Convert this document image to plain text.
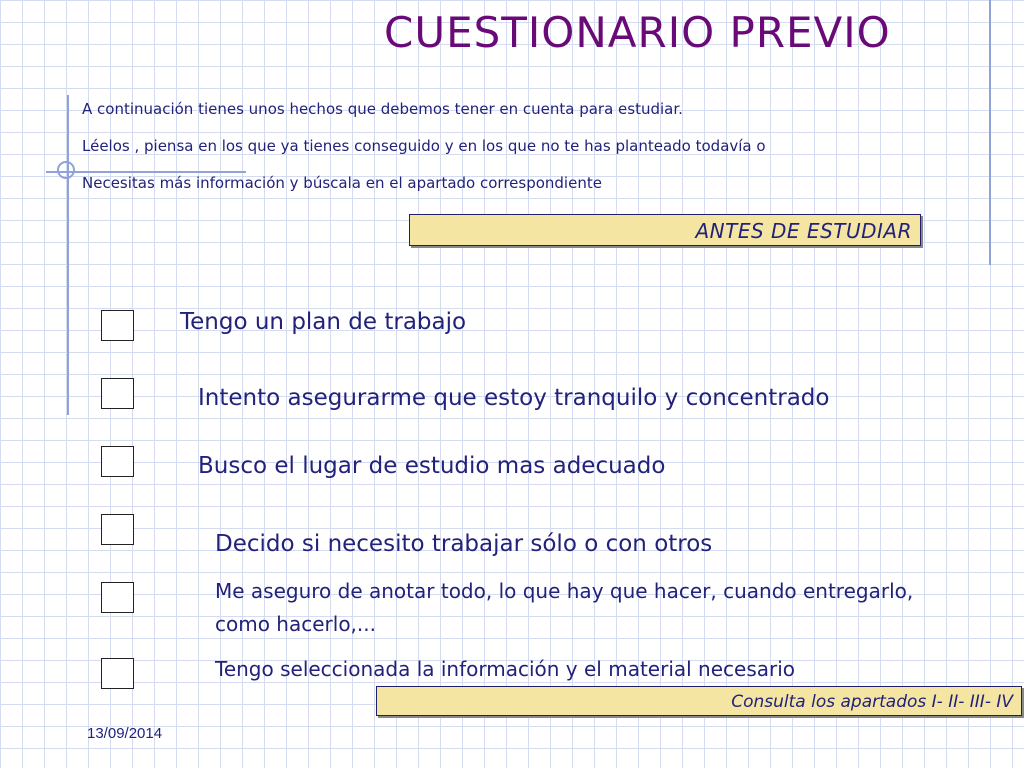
CUESTIONARIO PREVIO
A continuación tienes unos hechos que debemos tener en cuenta para estudiar.
Léelos , piensa en los que ya tienes conseguido y en los que no te has planteado todavía o
Necesitas más información y búscala en el apartado correspondiente
ANTES DE ESTUDIAR
Tengo un plan de trabajo
Intento asegurarme que estoy tranquilo y concentrado
Busco el lugar de estudio mas adecuado
Decido si necesito trabajar sólo o con otros
Me aseguro de anotar todo, lo que hay que hacer, cuando entregarlo,
como hacerlo,...
Tengo seleccionada la información y el material necesario
Consulta los apartados I- II- III- IV
13/09/2014
